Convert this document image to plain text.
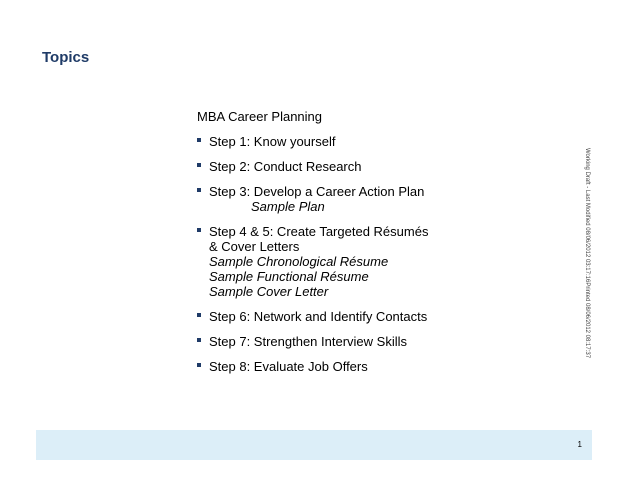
Topics
MBA Career Planning
Step 1: Know yourself
Step 2: Conduct Research
Step 3: Develop a Career Action Plan
Sample Plan
Step 4 & 5: Create Targeted Résumés
& Cover Letters
Sample Chronological Résume
Sample Functional Résume
Sample Cover Letter
Step 6: Network and Identify Contacts
Step 7: Strengthen Interview Skills
Step 8: Evaluate Job Offers
Working Draft - Last Modified 08/06/2012 03:17:16
Printed 08/06/2012 08:17:37
1
